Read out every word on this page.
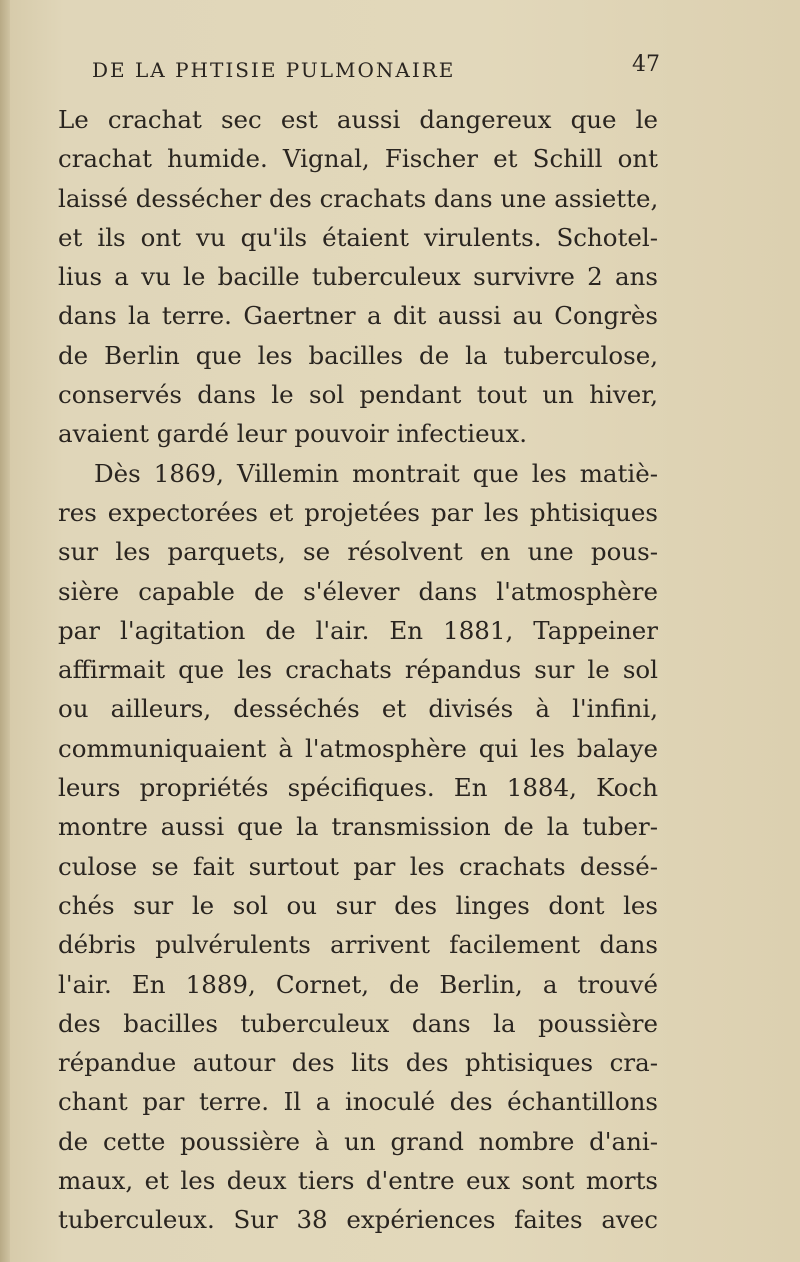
DE LA PHTISIE PULMONAIRE	47
Le crachat sec est aussi dangereux que le
crachat humide. Vignal, Fischer et Schill ont
laissé dessécher des crachats dans une assiette,
et ils ont vu qu'ils étaient virulents. Schotel-
lius a vu le bacille tuberculeux survivre 2 ans
dans la terre. Gaertner a dit aussi au Congrès
de Berlin que les bacilles de la tuberculose,
conservés dans le sol pendant tout un hiver,
avaient gardé leur pouvoir infectieux.
Dès 1869, Villemin montrait que les matiè-
res expectorées et projetées par les phtisiques
sur les parquets, se résolvent en une pous-
sière capable de s'élever dans l'atmosphère
par l'agitation de l'air. En 1881, Tappeiner
affirmait que les crachats répandus sur le sol
ou ailleurs, desséchés et divisés à l'infini,
communiquaient à l'atmosphère qui les balaye
leurs propriétés spécifiques. En 1884, Koch
montre aussi que la transmission de la tuber-
culose se fait surtout par les crachats dessé-
chés sur le sol ou sur des linges dont les
débris pulvérulents arrivent facilement dans
l'air. En 1889, Cornet, de Berlin, a trouvé
des bacilles tuberculeux dans la poussière
répandue autour des lits des phtisiques cra-
chant par terre. Il a inoculé des échantillons
de cette poussière à un grand nombre d'ani-
maux, et les deux tiers d'entre eux sont morts
tuberculeux. Sur 38 expériences faites avec
